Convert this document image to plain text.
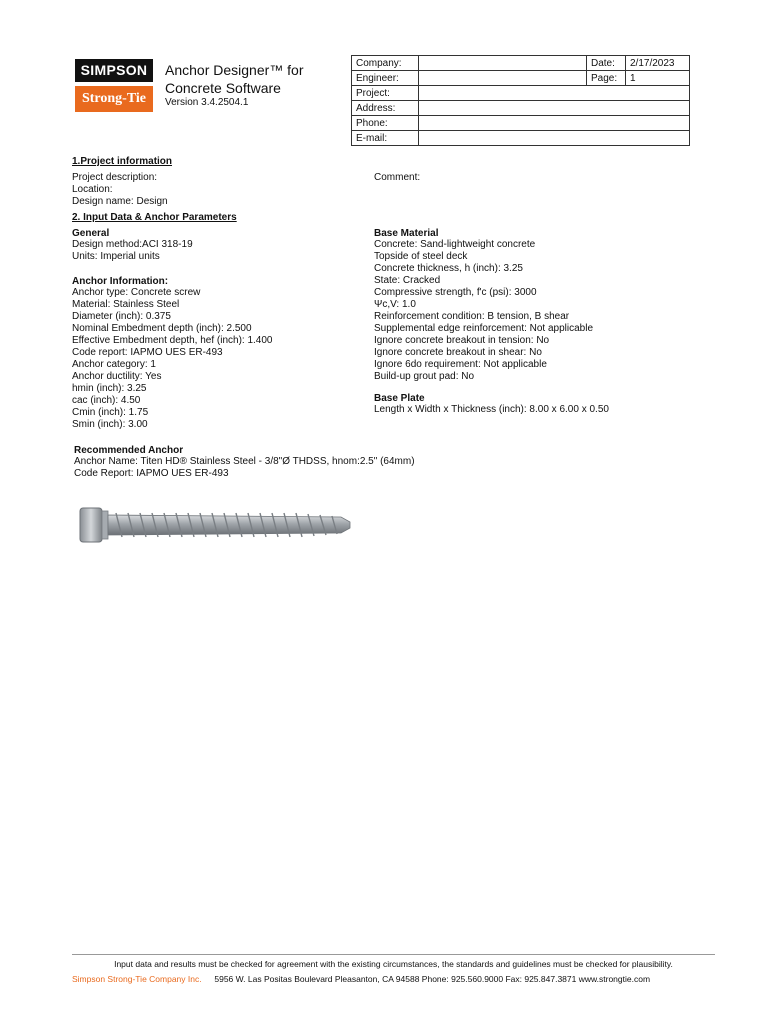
SIMPSON
Strong-Tie
Anchor Designer™ for Concrete Software
Version 3.4.2504.1
Company:		Date:	2/17/2023
Engineer:		Page:	1
Project:			
Address:			
Phone:			
E-mail:			
1.Project information
Project description:
Location:
Design name: Design
Comment:
2. Input Data & Anchor Parameters
General
Design method:ACI 318-19
Units: Imperial units
Anchor Information:
Anchor type: Concrete screw
Material: Stainless Steel
Diameter (inch): 0.375
Nominal Embedment depth (inch): 2.500
Effective Embedment depth, hef (inch): 1.400
Code report: IAPMO UES ER-493
Anchor category: 1
Anchor ductility: Yes
hmin (inch): 3.25
cac (inch): 4.50
Cmin (inch): 1.75
Smin (inch): 3.00
Base Material
Concrete: Sand-lightweight concrete
Topside of steel deck
Concrete thickness, h (inch): 3.25
State: Cracked
Compressive strength, f'c (psi): 3000
Ψc,V: 1.0
Reinforcement condition: B tension, B shear
Supplemental edge reinforcement: Not applicable
Ignore concrete breakout in tension: No
Ignore concrete breakout in shear: No
Ignore 6do requirement: Not applicable
Build-up grout pad: No
Base Plate
Length x Width x Thickness (inch): 8.00 x 6.00 x 0.50
Recommended Anchor
Anchor Name: Titen HD® Stainless Steel - 3/8"Ø THDSS, hnom:2.5" (64mm)
Code Report: IAPMO UES ER-493
Input data and results must be checked for agreement with the existing circumstances, the standards and guidelines must be checked for plausibility.
Simpson Strong-Tie Company Inc. 5956 W. Las Positas Boulevard Pleasanton, CA 94588 Phone: 925.560.9000 Fax: 925.847.3871 www.strongtie.com
